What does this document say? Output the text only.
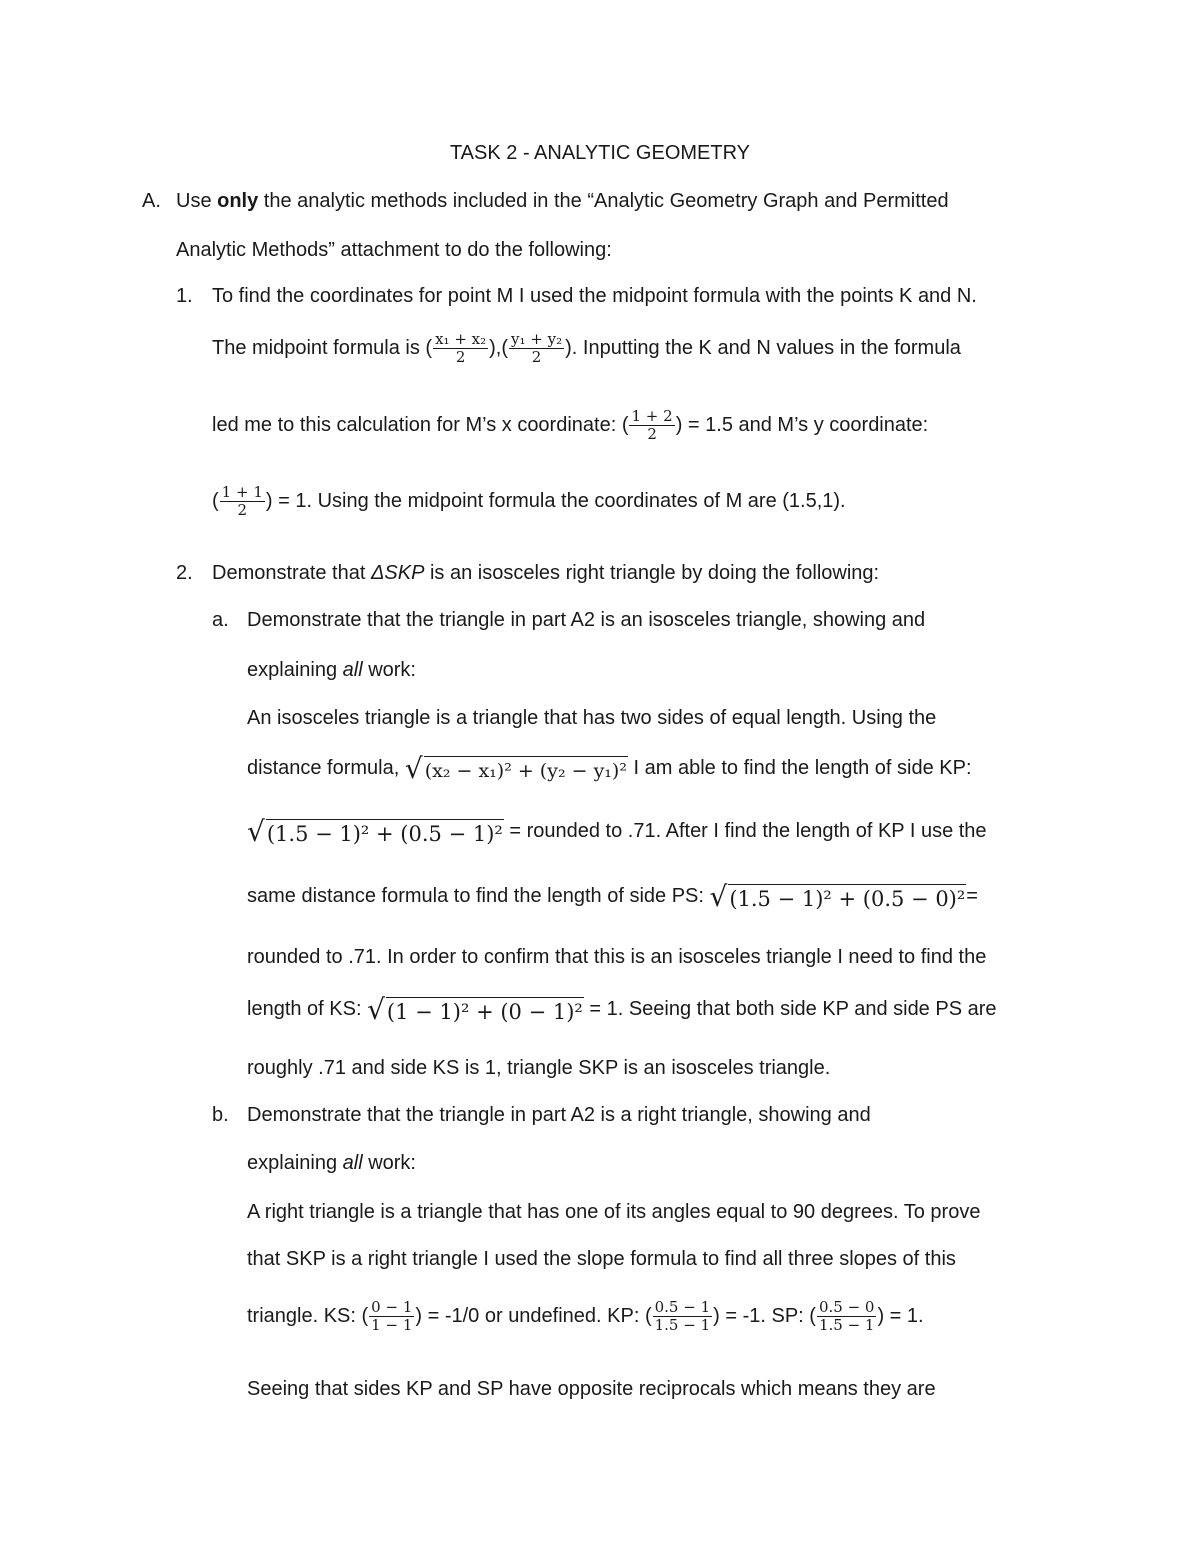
TASK 2 - ANALYTIC GEOMETRY
A. Use only the analytic methods included in the “Analytic Geometry Graph and Permitted
Analytic Methods” attachment to do the following:
1. To find the coordinates for point M I used the midpoint formula with the points K and N.
The midpoint formula is ( $\frac{\text{x₁ + x₂}}{2}$ ),( $\frac{\text{y₁ + y₂}}{2}$ ). Inputting the K and N values in the formula
led me to this calculation for M’s x coordinate: ( $\frac{1 + 2}{2}$ ) = 1.5 and M’s y coordinate:
( $\frac{1 + 1}{2}$ ) = 1. Using the midpoint formula the coordinates of M are (1.5,1).
2. Demonstrate that ΔSKP is an isosceles right triangle by doing the following:
a. Demonstrate that the triangle in part A2 is an isosceles triangle, showing and
explaining all work:
An isosceles triangle is a triangle that has two sides of equal length. Using the
distance formula, √ (x₂ − x₁)² + (y₂ − y₁)² I am able to find the length of side KP:
√ (1.5 − 1)² + (0.5 − 1)² = rounded to .71. After I find the length of KP I use the
same distance formula to find the length of side PS: √ (1.5 − 1)² + (0.5 − 0)² =
rounded to .71. In order to confirm that this is an isosceles triangle I need to find the
length of KS: √ (1 − 1)² + (0 − 1)² = 1. Seeing that both side KP and side PS are
roughly .71 and side KS is 1, triangle SKP is an isosceles triangle.
b. Demonstrate that the triangle in part A2 is a right triangle, showing and
explaining all work:
A right triangle is a triangle that has one of its angles equal to 90 degrees. To prove
that SKP is a right triangle I used the slope formula to find all three slopes of this
triangle. KS: ( $\frac{0 - 1}{1 - 1}$ ) = -1/0 or undefined. KP: ( $\frac{0.5 - 1}{1.5 - 1}$ ) = -1. SP: ( $\frac{0.5 - 0}{1.5 - 1}$ ) = 1.
Seeing that sides KP and SP have opposite reciprocals which means they are
